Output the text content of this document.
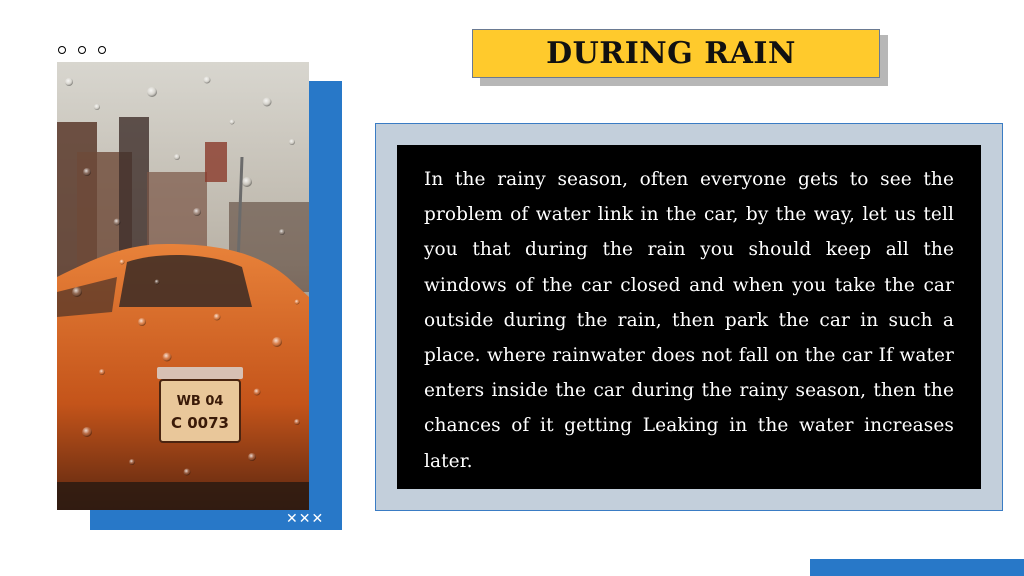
✕✕✕
WB 04
C 0073
DURING RAIN

In the rainy season, often everyone gets to see the problem of water link in the car, by the way, let us tell you that during the rain you should keep all the windows of the car closed and when you take the car outside during the rain, then park the car in such a place. where rainwater does not fall on the car If water enters inside the car during the rainy season, then the chances of it getting Leaking in the water increases later.
